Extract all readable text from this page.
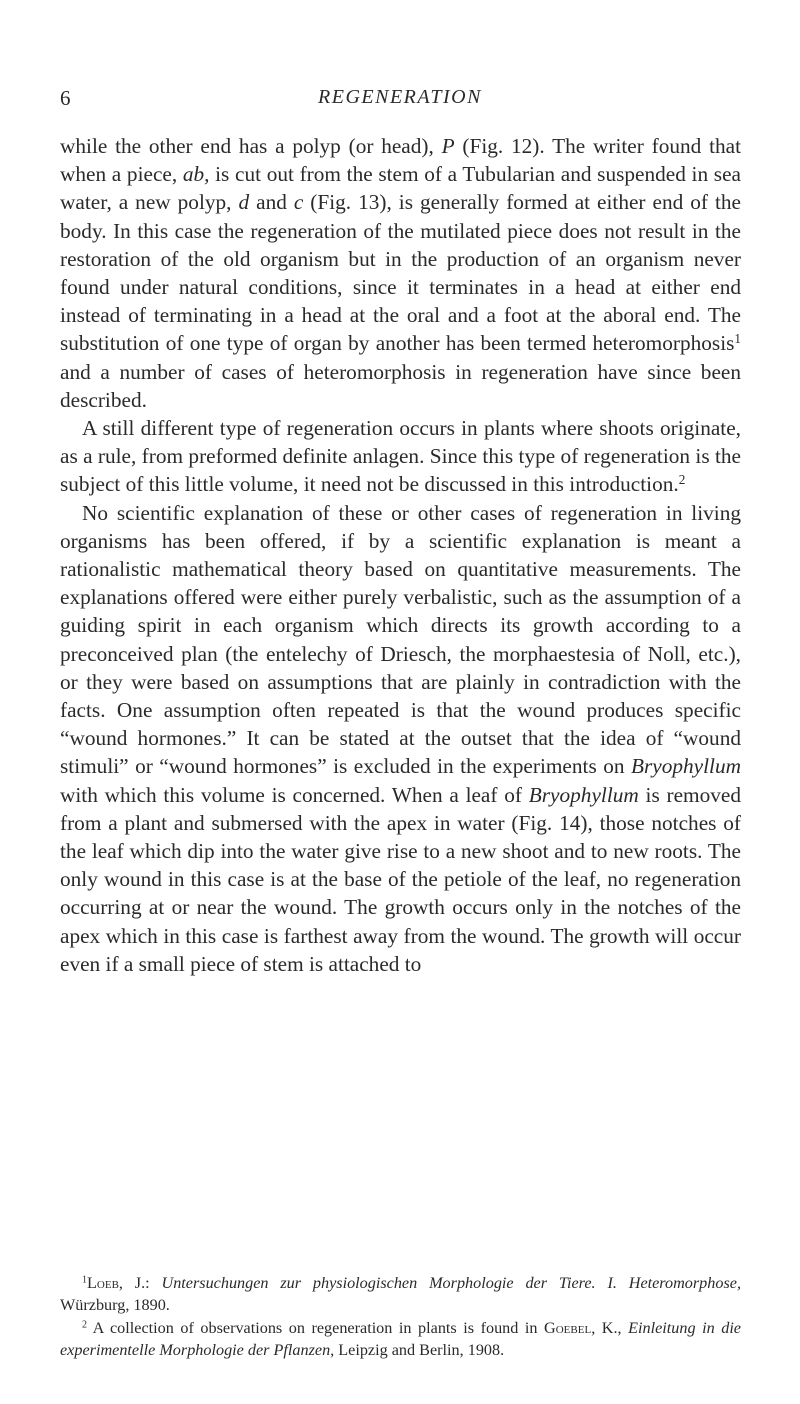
6	REGENERATION

while the other end has a polyp (or head), P (Fig. 12). The writer found that when a piece, ab, is cut out from the stem of a Tubularian and suspended in sea water, a new polyp, d and c (Fig. 13), is generally formed at either end of the body. In this case the regeneration of the mutilated piece does not result in the restoration of the old organism but in the production of an organism never found under natural conditions, since it terminates in a head at either end instead of terminating in a head at the oral and a foot at the aboral end. The substitution of one type of organ by another has been termed heteromorphosis$^1$ and a number of cases of heteromorphosis in regeneration have since been described.

A still different type of regeneration occurs in plants where shoots originate, as a rule, from preformed definite anlagen. Since this type of regeneration is the subject of this little volume, it need not be discussed in this introduction.$^2$

No scientific explanation of these or other cases of regeneration in living organisms has been offered, if by a scientific explanation is meant a rationalistic mathematical theory based on quantitative measurements. The explanations offered were either purely verbalistic, such as the assumption of a guiding spirit in each organism which directs its growth according to a preconceived plan (the entelechy of Driesch, the morphaestesia of Noll, etc.), or they were based on assumptions that are plainly in contradiction with the facts. One assumption often repeated is that the wound produces specific “wound hormones.” It can be stated at the outset that the idea of “wound stimuli” or “wound hormones” is excluded in the experiments on Bryophyllum with which this volume is concerned. When a leaf of Bryophyllum is removed from a plant and submersed with the apex in water (Fig. 14), those notches of the leaf which dip into the water give rise to a new shoot and to new roots. The only wound in this case is at the base of the petiole of the leaf, no regeneration occurring at or near the wound. The growth occurs only in the notches of the apex which in this case is farthest away from the wound. The growth will occur even if a small piece of stem is attached to

$^1$Loeb, J.: Untersuchungen zur physiologischen Morphologie der Tiere. I. Heteromorphose, Würzburg, 1890.

$^2$ A collection of observations on regeneration in plants is found in Goebel, K., Einleitung in die experimentelle Morphologie der Pflanzen, Leipzig and Berlin, 1908.
